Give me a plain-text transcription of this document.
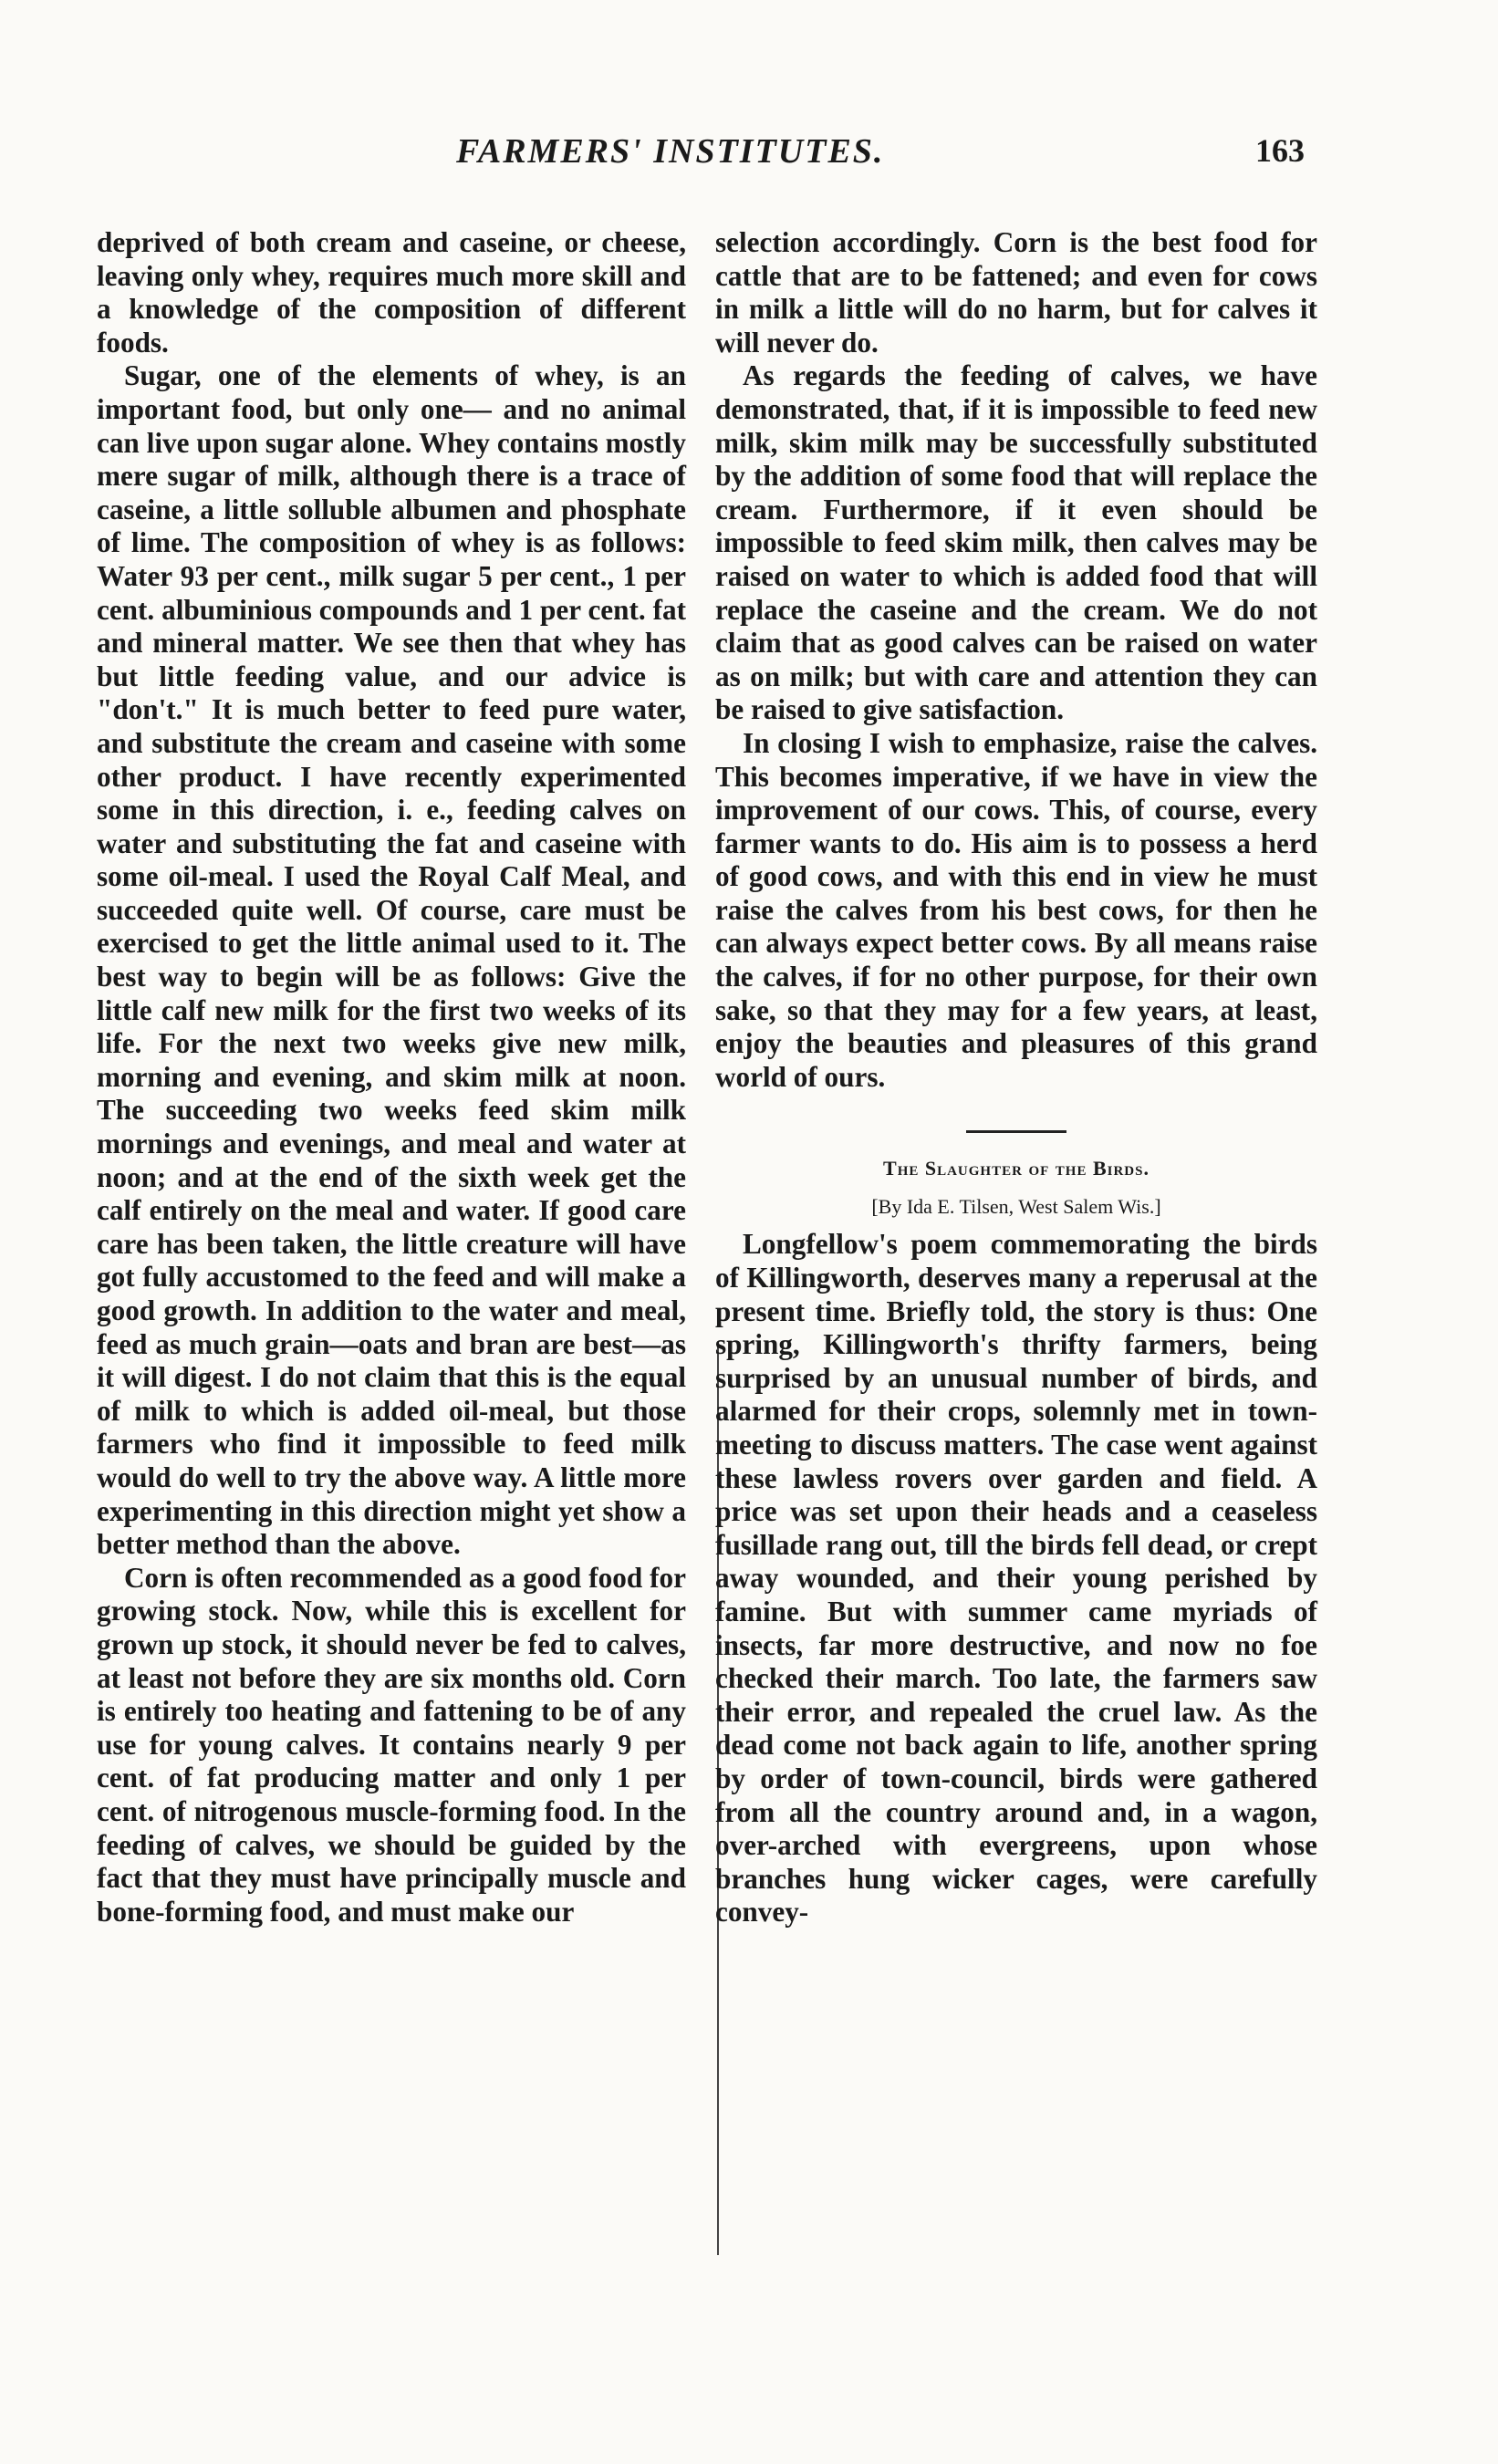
FARMERS' INSTITUTES.	163

deprived of both cream and caseine, or cheese, leaving only whey, requires much more skill and a knowledge of the composition of different foods.

Sugar, one of the elements of whey, is an important food, but only one— and no animal can live upon sugar alone. Whey contains mostly mere sugar of milk, although there is a trace of caseine, a little solluble albumen and phosphate of lime. The composition of whey is as follows: Water 93 per cent., milk sugar 5 per cent., 1 per cent. albuminious compounds and 1 per cent. fat and mineral matter. We see then that whey has but little feeding value, and our advice is "don't." It is much better to feed pure water, and substitute the cream and caseine with some other product. I have recently experimented some in this direction, i. e., feeding calves on water and substituting the fat and caseine with some oil-meal. I used the Royal Calf Meal, and succeeded quite well. Of course, care must be exercised to get the little animal used to it. The best way to begin will be as follows: Give the little calf new milk for the first two weeks of its life. For the next two weeks give new milk, morning and evening, and skim milk at noon. The succeeding two weeks feed skim milk mornings and evenings, and meal and water at noon; and at the end of the sixth week get the calf entirely on the meal and water. If good care care has been taken, the little creature will have got fully accustomed to the feed and will make a good growth. In addition to the water and meal, feed as much grain—oats and bran are best—as it will digest. I do not claim that this is the equal of milk to which is added oil-meal, but those farmers who find it impossible to feed milk would do well to try the above way. A little more experimenting in this direction might yet show a better method than the above.

Corn is often recommended as a good food for growing stock. Now, while this is excellent for grown up stock, it should never be fed to calves, at least not before they are six months old. Corn is entirely too heating and fattening to be of any use for young calves. It contains nearly 9 per cent. of fat producing matter and only 1 per cent. of nitrogenous muscle-forming food. In the feeding of calves, we should be guided by the fact that they must have principally muscle and bone-forming food, and must make our

selection accordingly. Corn is the best food for cattle that are to be fattened; and even for cows in milk a little will do no harm, but for calves it will never do.

As regards the feeding of calves, we have demonstrated, that, if it is impossible to feed new milk, skim milk may be successfully substituted by the addition of some food that will replace the cream. Furthermore, if it even should be impossible to feed skim milk, then calves may be raised on water to which is added food that will replace the caseine and the cream. We do not claim that as good calves can be raised on water as on milk; but with care and attention they can be raised to give satisfaction.

In closing I wish to emphasize, raise the calves. This becomes imperative, if we have in view the improvement of our cows. This, of course, every farmer wants to do. His aim is to possess a herd of good cows, and with this end in view he must raise the calves from his best cows, for then he can always expect better cows. By all means raise the calves, if for no other purpose, for their own sake, so that they may for a few years, at least, enjoy the beauties and pleasures of this grand world of ours.

The Slaughter of the Birds.
[By Ida E. Tilsen, West Salem Wis.]

Longfellow's poem commemorating the birds of Killingworth, deserves many a reperusal at the present time. Briefly told, the story is thus: One spring, Killingworth's thrifty farmers, being surprised by an unusual number of birds, and alarmed for their crops, solemnly met in town-meeting to discuss matters. The case went against these lawless rovers over garden and field. A price was set upon their heads and a ceaseless fusillade rang out, till the birds fell dead, or crept away wounded, and their young perished by famine. But with summer came myriads of insects, far more destructive, and now no foe checked their march. Too late, the farmers saw their error, and repealed the cruel law. As the dead come not back again to life, another spring by order of town-council, birds were gathered from all the country around and, in a wagon, over-arched with evergreens, upon whose branches hung wicker cages, were carefully convey-
